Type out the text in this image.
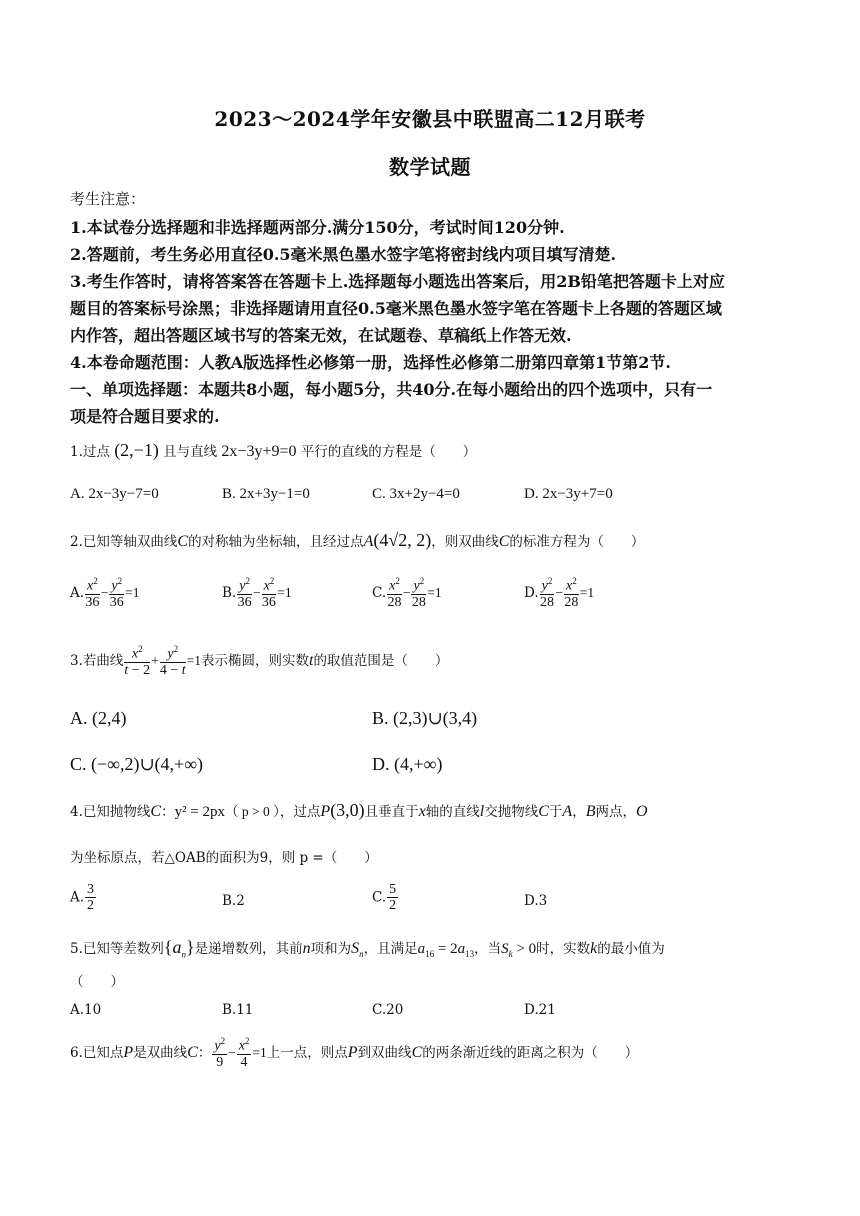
2023～2024学年安徽县中联盟高二12月联考
数学试题
考生注意：
1.本试卷分选择题和非选择题两部分.满分150分，考试时间120分钟.
2.答题前，考生务必用直径0.5毫米黑色墨水签字笔将密封线内项目填写清楚.
3.考生作答时，请将答案答在答题卡上.选择题每小题选出答案后，用2B铅笔把答题卡上对应
题目的答案标号涂黑；非选择题请用直径0.5毫米黑色墨水签字笔在答题卡上各题的答题区域
内作答，超出答题区域书写的答案无效，在试题卷、草稿纸上作答无效.
4.本卷命题范围：人教A版选择性必修第一册，选择性必修第二册第四章第1节第2节.
一、单项选择题：本题共8小题，每小题5分，共40分.在每小题给出的四个选项中，只有一
项是符合题目要求的.
1.过点 (2,−1) 且与直线 2x−3y+9=0 平行的直线的方程是（　　）
A. 2x−3y−7=0	B. 2x+3y−1=0	C. 3x+2y−4=0	D. 2x−3y+7=0
2.已知等轴双曲线C的对称轴为坐标轴，且经过点A(4√2, 2)，则双曲线C的标准方程为（　　）
A. $\frac{x^2}{36} - \frac{y^2}{36} =1$	B. $\frac{y^2}{36} - \frac{x^2}{36} =1$	C. $\frac{x^2}{28} - \frac{y^2}{28} =1$	D. $\frac{y^2}{28} - \frac{x^2}{28} =1$
3.若曲线 $\frac{x^2}{t - 2} + \frac{y^2}{4 - t} =1$表示椭圆，则实数t的取值范围是（　　）
A. (2,4)	B. (2,3)∪(3,4)
C. (−∞,2)∪(4,+∞)	D. (4,+∞)
4.已知抛物线C：y² = 2px（ p > 0 ），过点P(3,0)且垂直于x轴的直线l交抛物线C于A，B两点，O
为坐标原点，若△OAB的面积为9，则 p =（　　）
A. $\frac{3}{2}$	B.2	C. $\frac{5}{2}$	D.3
5.已知等差数列$\{a_n\}$是递增数列，其前n项和为$S_n$，且满足$a_{16} = 2a_{13}$，当$S_k > 0$时，实数k的最小值为
（　　）
A.10	B.11	C.20	D.21
6.已知点P是双曲线C： $\frac{y^2}{9} - \frac{x^2}{4} =1$上一点，则点P到双曲线C的两条渐近线的距离之积为（　　）
